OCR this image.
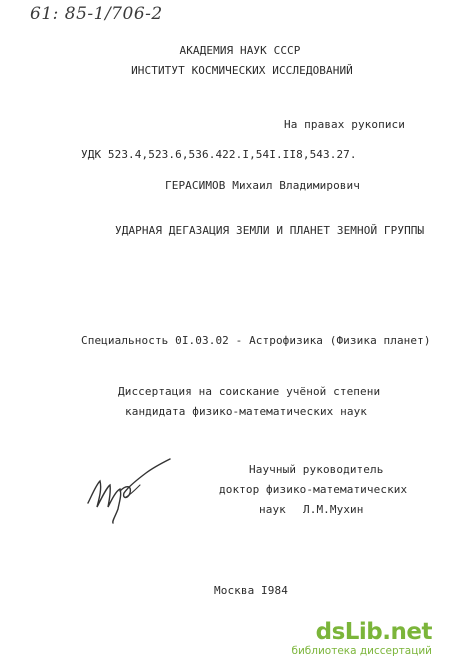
61: 85-1/706-2
АКАДЕМИЯ НАУК СССР
ИНСТИТУТ КОСМИЧЕСКИХ ИССЛЕДОВАНИЙ
На правах рукописи
УДК 523.4,523.6,536.422.I,54I.II8,543.27.
ГЕРАСИМОВ Михаил Владимирович
УДАРНАЯ ДЕГАЗАЦИЯ ЗЕМЛИ И ПЛАНЕТ ЗЕМНОЙ ГРУППЫ
Специальность 0I.03.02 - Астрофизика (Физика планет)
Диссертация на соискание учёной степени
кандидата физико-математических наук
Научный руководитель
доктор физико-математических
наук Л.М.Мухин
Москва I984
dsLib.net
библиотека диссертаций
